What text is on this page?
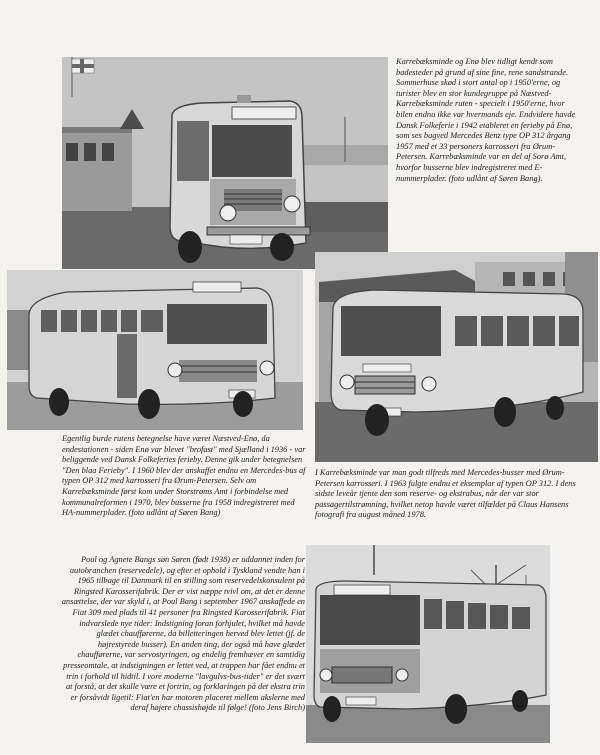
Karrebæksminde og Enø blev tidligt kendt som badesteder på grund af sine fine, rene sandstrande. Sommerhuse skød i stort antal op i 1950'erne, og turister blev en stor kundegruppe på Næstved-Karrebæksminde ruten - specielt i 1950'erne, hvor bilen endnu ikke var hvermands eje. Endvidere havde Dansk Folkeferie i 1942 etableret en ferieby på Enø, som ses bagved Mercedes Benz type OP 312 årgang 1957 med et 33 personers karrosseri fra Ørum-Petersen. Karrebæksminde var en del af Sorø Amt, hvorfor busserne blev indregistreret med E-nummerplader. (foto udlånt af Søren Bang).

Egentlig burde rutens betegnelse have været Næstved-Enø, da endestationen - siden Enø var blevet "brofast" med Sjælland i 1936 - var beliggende ved Dansk Folkeferies ferieby. Denne gik under betegnelsen "Den blaa Ferieby". I 1960 blev der anskaffet endnu en Mercedes-bus af typen OP 312 med karrosseri fra Ørum-Petersen. Selv om Karrebæksminde først kom under Storstrøms Amt i forbindelse med kommunalreformen i 1970, blev busserne fra 1958 indregistreret med HA-nummerplader. (foto udlånt af Søren Bang)

I Karrebæksminde var man godt tilfreds med Mercedes-busser med Ørum-Petersen karrosseri. I 1963 fulgte endnu et eksemplar af typen OP 312. I dens sidste leveår tjente den som reserve- og ekstrabus, når der var stor passagertilstrømning, hvilket netop havde været tilfældet på Claus Hansens fotografi fra august måned 1978.

Poul og Agnete Bangs søn Søren (født 1938) er uddannet inden for autobranchen (reservedele), og efter et ophold i Tyskland vendte han i 1965 tilbage til Danmark til en stilling som reservedelskonsulent på Ringsted Karosserifabrik. Der er vist næppe tvivl om, at det er denne ansættelse, der var skyld i, at Poul Bang i september 1967 anskaffede en Fiat 309 med plads til 41 personer fra Ringsted Karosserifabrik. Fiat indvarslede nye tider: Indstigning foran forhjulet, hvilket må havde glædet chaufførerne, da billetteringen herved blev lettet (jf. de højrestyrede busser). En anden ting, der også må have glædet chaufførerne, var servostyringen, og endelig fremhæver en samtidig presseomtale, at indstigningen er lettet ved, at trappen har fået endnu et trin i forhold til hidtil. I vore moderne "lavgulvs-bus-tider" er det svært at forstå, at det skulle være et fortrin, og forklaringen på det ekstra trin er forsåvidt ligetil: Fiat'en har motoren placeret mellem akslerne med deraf højere chassishøjde til følge! (foto Jens Birch)
